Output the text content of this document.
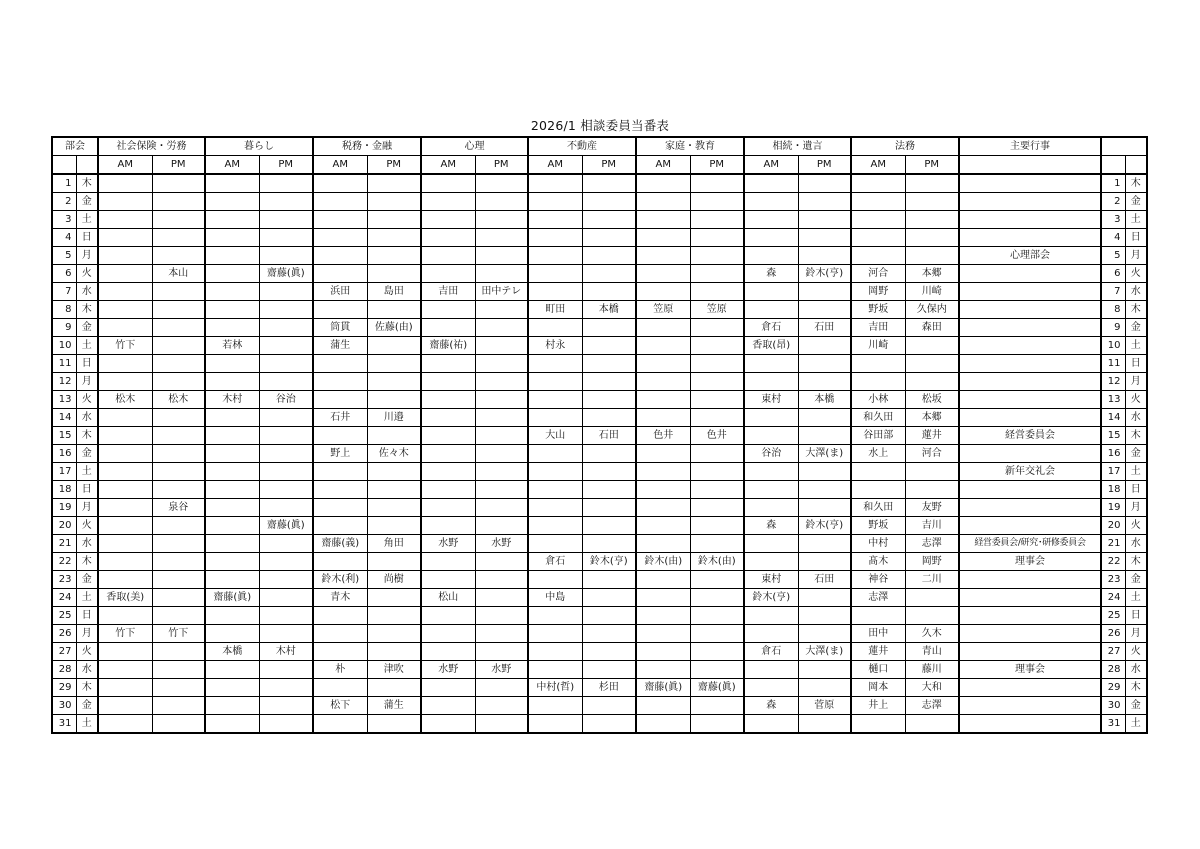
2026/1 相談委員当番表
部会		社会保険・労務		暮らし		税務・金融		心理		不動産		家庭・教育		相続・遺言		法務		主要行事		
		AM	PM	AM	PM	AM	PM	AM	PM	AM	PM	AM	PM	AM	PM	AM	PM			
1	木																		1	木
2	金																		2	金
3	土																		3	土
4	日																		4	日
5	月																	心理部会	5	月
6	火		本山		齋藤(眞)									森	鈴木(亨)	河合	本郷		6	火
7	水					浜田	島田	吉田	田中テレ							岡野	川崎		7	水
8	木									町田	本橋	笠原	笠原			野坂	久保内		8	木
9	金					筒貫	佐藤(由)							倉石	石田	吉田	森田		9	金
10	土	竹下		若林		蒲生		齋藤(祐)		村永				香取(昂)		川崎			10	土
11	日																		11	日
12	月																		12	月
13	火	松木	松木	木村	谷治									東村	本橋	小林	松坂		13	火
14	水					石井	川邉									和久田	本郷		14	水
15	木									大山	石田	色井	色井			谷田部	蓮井	経営委員会	15	木
16	金					野上	佐々木							谷治	大澤(ま)	水上	河合		16	金
17	土																	新年交礼会	17	土
18	日																		18	日
19	月		泉谷													和久田	友野		19	月
20	火				齋藤(眞)									森	鈴木(亨)	野坂	吉川		20	火
21	水					齋藤(義)	角田	水野	水野							中村	志澤	経営委員会/研究･研修委員会	21	水
22	木									倉石	鈴木(亨)	鈴木(由)	鈴木(由)			髙木	岡野	理事会	22	木
23	金					鈴木(利)	尚樹							東村	石田	神谷	二川		23	金
24	土	香取(美)		齋藤(眞)		青木		松山		中島				鈴木(亨)		志澤			24	土
25	日																		25	日
26	月	竹下	竹下													田中	久木		26	月
27	火			本橋	木村									倉石	大澤(ま)	蓮井	青山		27	火
28	水					朴	津吹	水野	水野							樋口	藤川	理事会	28	水
29	木									中村(哲)	杉田	齋藤(眞)	齋藤(眞)			岡本	大和		29	木
30	金					松下	蒲生							森	菅原	井上	志澤		30	金
31	土																		31	土
